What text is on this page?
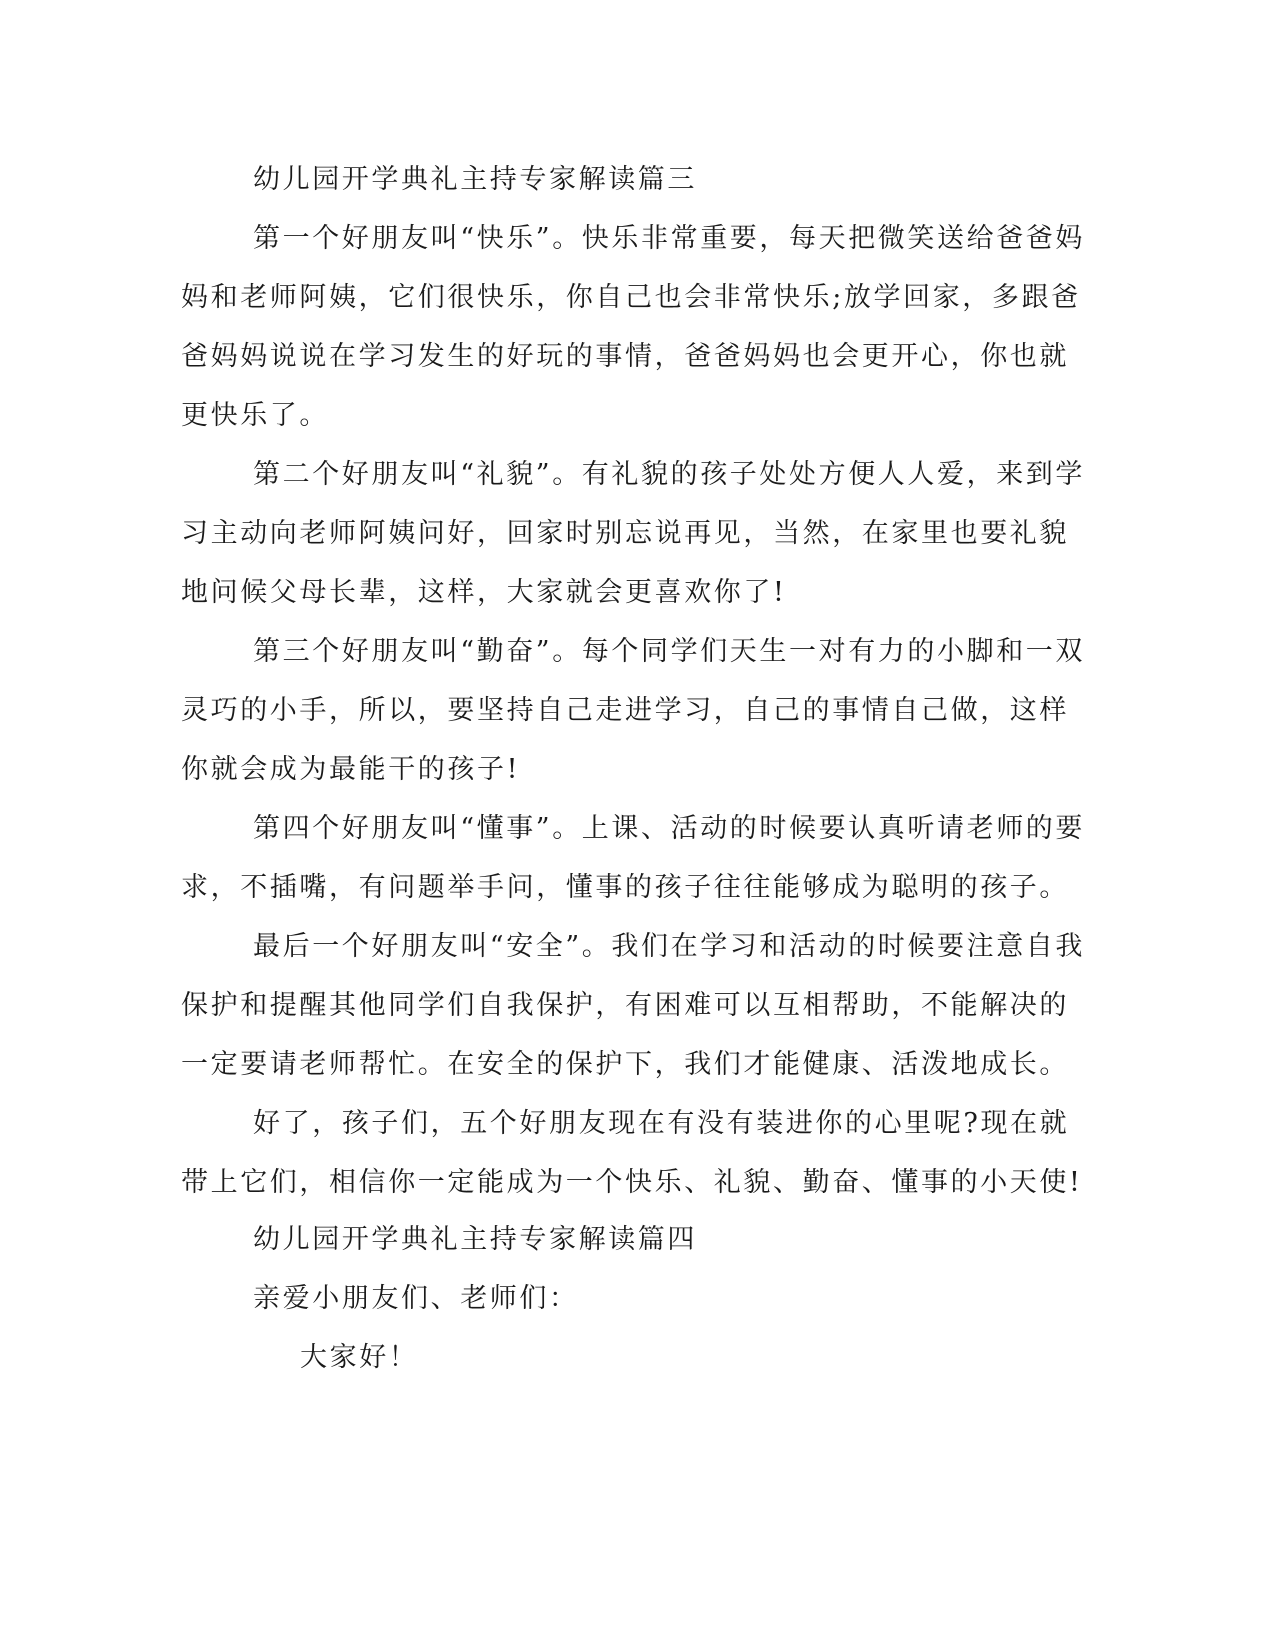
幼儿园开学典礼主持专家解读篇三
第一个好朋友叫“快乐”。快乐非常重要，每天把微笑送给爸爸妈
妈和老师阿姨，它们很快乐，你自己也会非常快乐;放学回家，多跟爸
爸妈妈说说在学习发生的好玩的事情，爸爸妈妈也会更开心，你也就
更快乐了。
第二个好朋友叫“礼貌”。有礼貌的孩子处处方便人人爱，来到学
习主动向老师阿姨问好，回家时别忘说再见，当然，在家里也要礼貌
地问候父母长辈，这样，大家就会更喜欢你了!
第三个好朋友叫“勤奋”。每个同学们天生一对有力的小脚和一双
灵巧的小手，所以，要坚持自己走进学习，自己的事情自己做，这样
你就会成为最能干的孩子!
第四个好朋友叫“懂事”。上课、活动的时候要认真听请老师的要
求，不插嘴，有问题举手问，懂事的孩子往往能够成为聪明的孩子。
最后一个好朋友叫“安全”。我们在学习和活动的时候要注意自我
保护和提醒其他同学们自我保护，有困难可以互相帮助，不能解决的
一定要请老师帮忙。在安全的保护下，我们才能健康、活泼地成长。
好了，孩子们，五个好朋友现在有没有装进你的心里呢?现在就
带上它们，相信你一定能成为一个快乐、礼貌、勤奋、懂事的小天使!
幼儿园开学典礼主持专家解读篇四
亲爱小朋友们、老师们：
大家好！
